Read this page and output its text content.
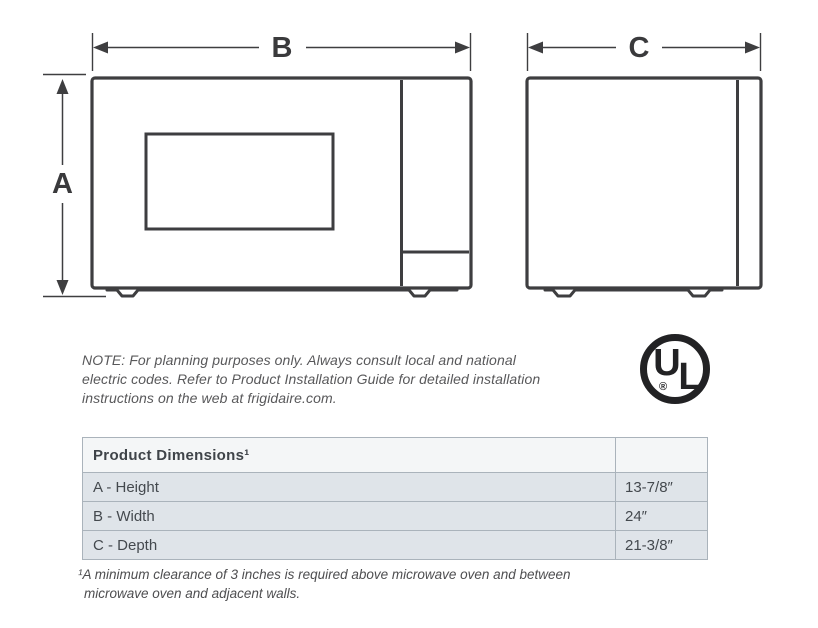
B
A
C
U
L
®
NOTE: For planning purposes only. Always consult local and national
electric codes. Refer to Product Installation Guide for detailed installation
instructions on the web at frigidaire.com.
Product Dimensions¹
A - Height	13-7/8″
B - Width	24″
C - Depth	21-3/8″
¹A minimum clearance of 3 inches is required above microwave oven and between
microwave oven and adjacent walls.
